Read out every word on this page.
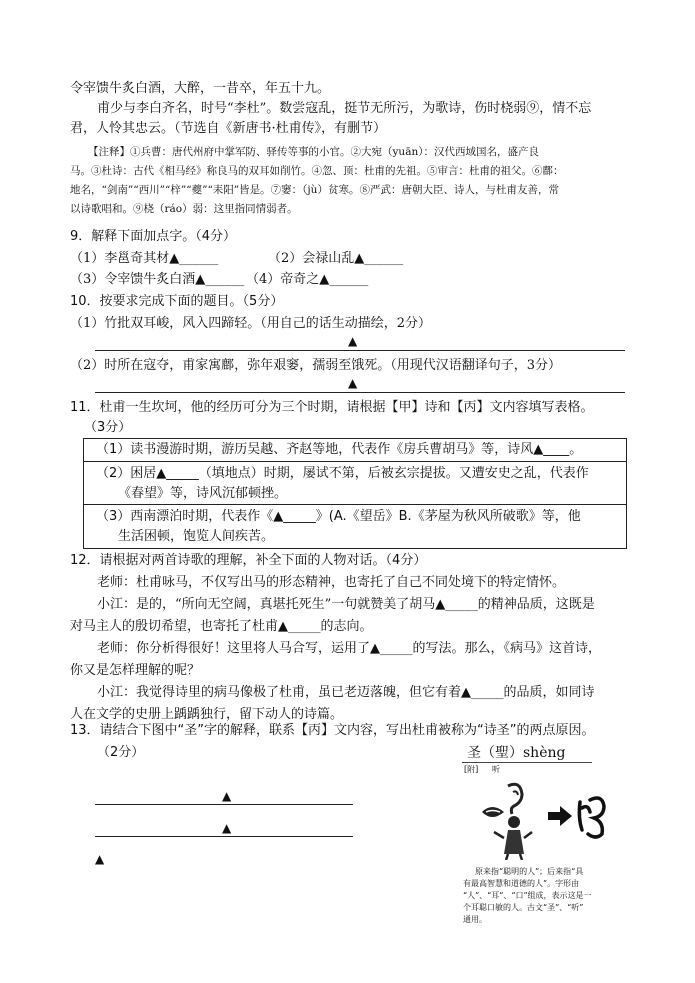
令宰馈牛炙白酒，大醉，一昔卒，年五十九。
甫少与李白齐名，时号“李杜”。数尝寇乱，挺节无所污，为歌诗，伤时桡弱⑨，情不忘
君，人怜其忠云。（节选自《新唐书·杜甫传》，有删节）
【注释】①兵曹：唐代州府中掌军防、驿传等事的小官。②大宛（yuān）：汉代西域国名，盛产良
马。③杜诗：古代《相马经》称良马的双耳如削竹。④忽、顶：杜甫的先祖。⑤审言：杜甫的祖父。⑥鄜：
地名，“剑南”“西川”“梓”“夔”“耒阳”皆是。⑦窭：（jù）贫寒。⑧严武：唐朝大臣、诗人，与杜甫友善，常
以诗歌唱和。⑨桡（ráo）弱：这里指同情弱者。
9．解释下面加点字。（4分）
（1）李邕奇其材▲______	（2）会禄山乱▲______
（3）令宰馈牛炙白酒▲______ （4）帝奇之▲______
10．按要求完成下面的题目。（5分）
（1）竹批双耳峻，风入四蹄轻。（用自己的话生动描绘，2分）
▲
（2）时所在寇夺，甫家寓鄜，弥年艰窭，孺弱至饿死。（用现代汉语翻译句子，3分）
▲
11．杜甫一生坎坷，他的经历可分为三个时期，请根据【甲】诗和【丙】文内容填写表格。
（3分）
（1）读书漫游时期，游历吴越、齐赵等地，代表作《房兵曹胡马》等，诗风▲____。
（2）困居▲_____（填地点）时期，屡试不第，后被玄宗提拔。又遭安史之乱，代表作
《春望》等，诗风沉郁顿挫。
（3）西南漂泊时期，代表作《▲_____》(A.《望岳》B.《茅屋为秋风所破歌》等，他
生活困顿，饱览人间疾苦。
12．请根据对两首诗歌的理解，补全下面的人物对话。（4分）
老师：杜甫咏马，不仅写出马的形态精神，也寄托了自己不同处境下的特定情怀。
小江：是的，“所向无空阔，真堪托死生”一句就赞美了胡马▲_____的精神品质，这既是
对马主人的殷切希望，也寄托了杜甫▲_____的志向。
老师：你分析得很好！这里将人马合写，运用了▲_____的写法。那么，《病马》这首诗，
你又是怎样理解的呢？
小江：我觉得诗里的病马像极了杜甫，虽已老迈落魄，但它有着▲_____的品质，如同诗
人在文学的史册上踽踽独行，留下动人的诗篇。
13．请结合下图中“圣”字的解释，联系【丙】文内容，写出杜甫被称为“诗圣”的两点原因。
（2分）
▲
▲
▲
圣（聖）shèng
[附] 听
原来指“聪明的人”；后来指“具
有最高智慧和道德的人”。字形由
“人”、“耳”、“口”组成，表示这是一
个耳聪口敏的人。古文“圣”、“听”
通用。
